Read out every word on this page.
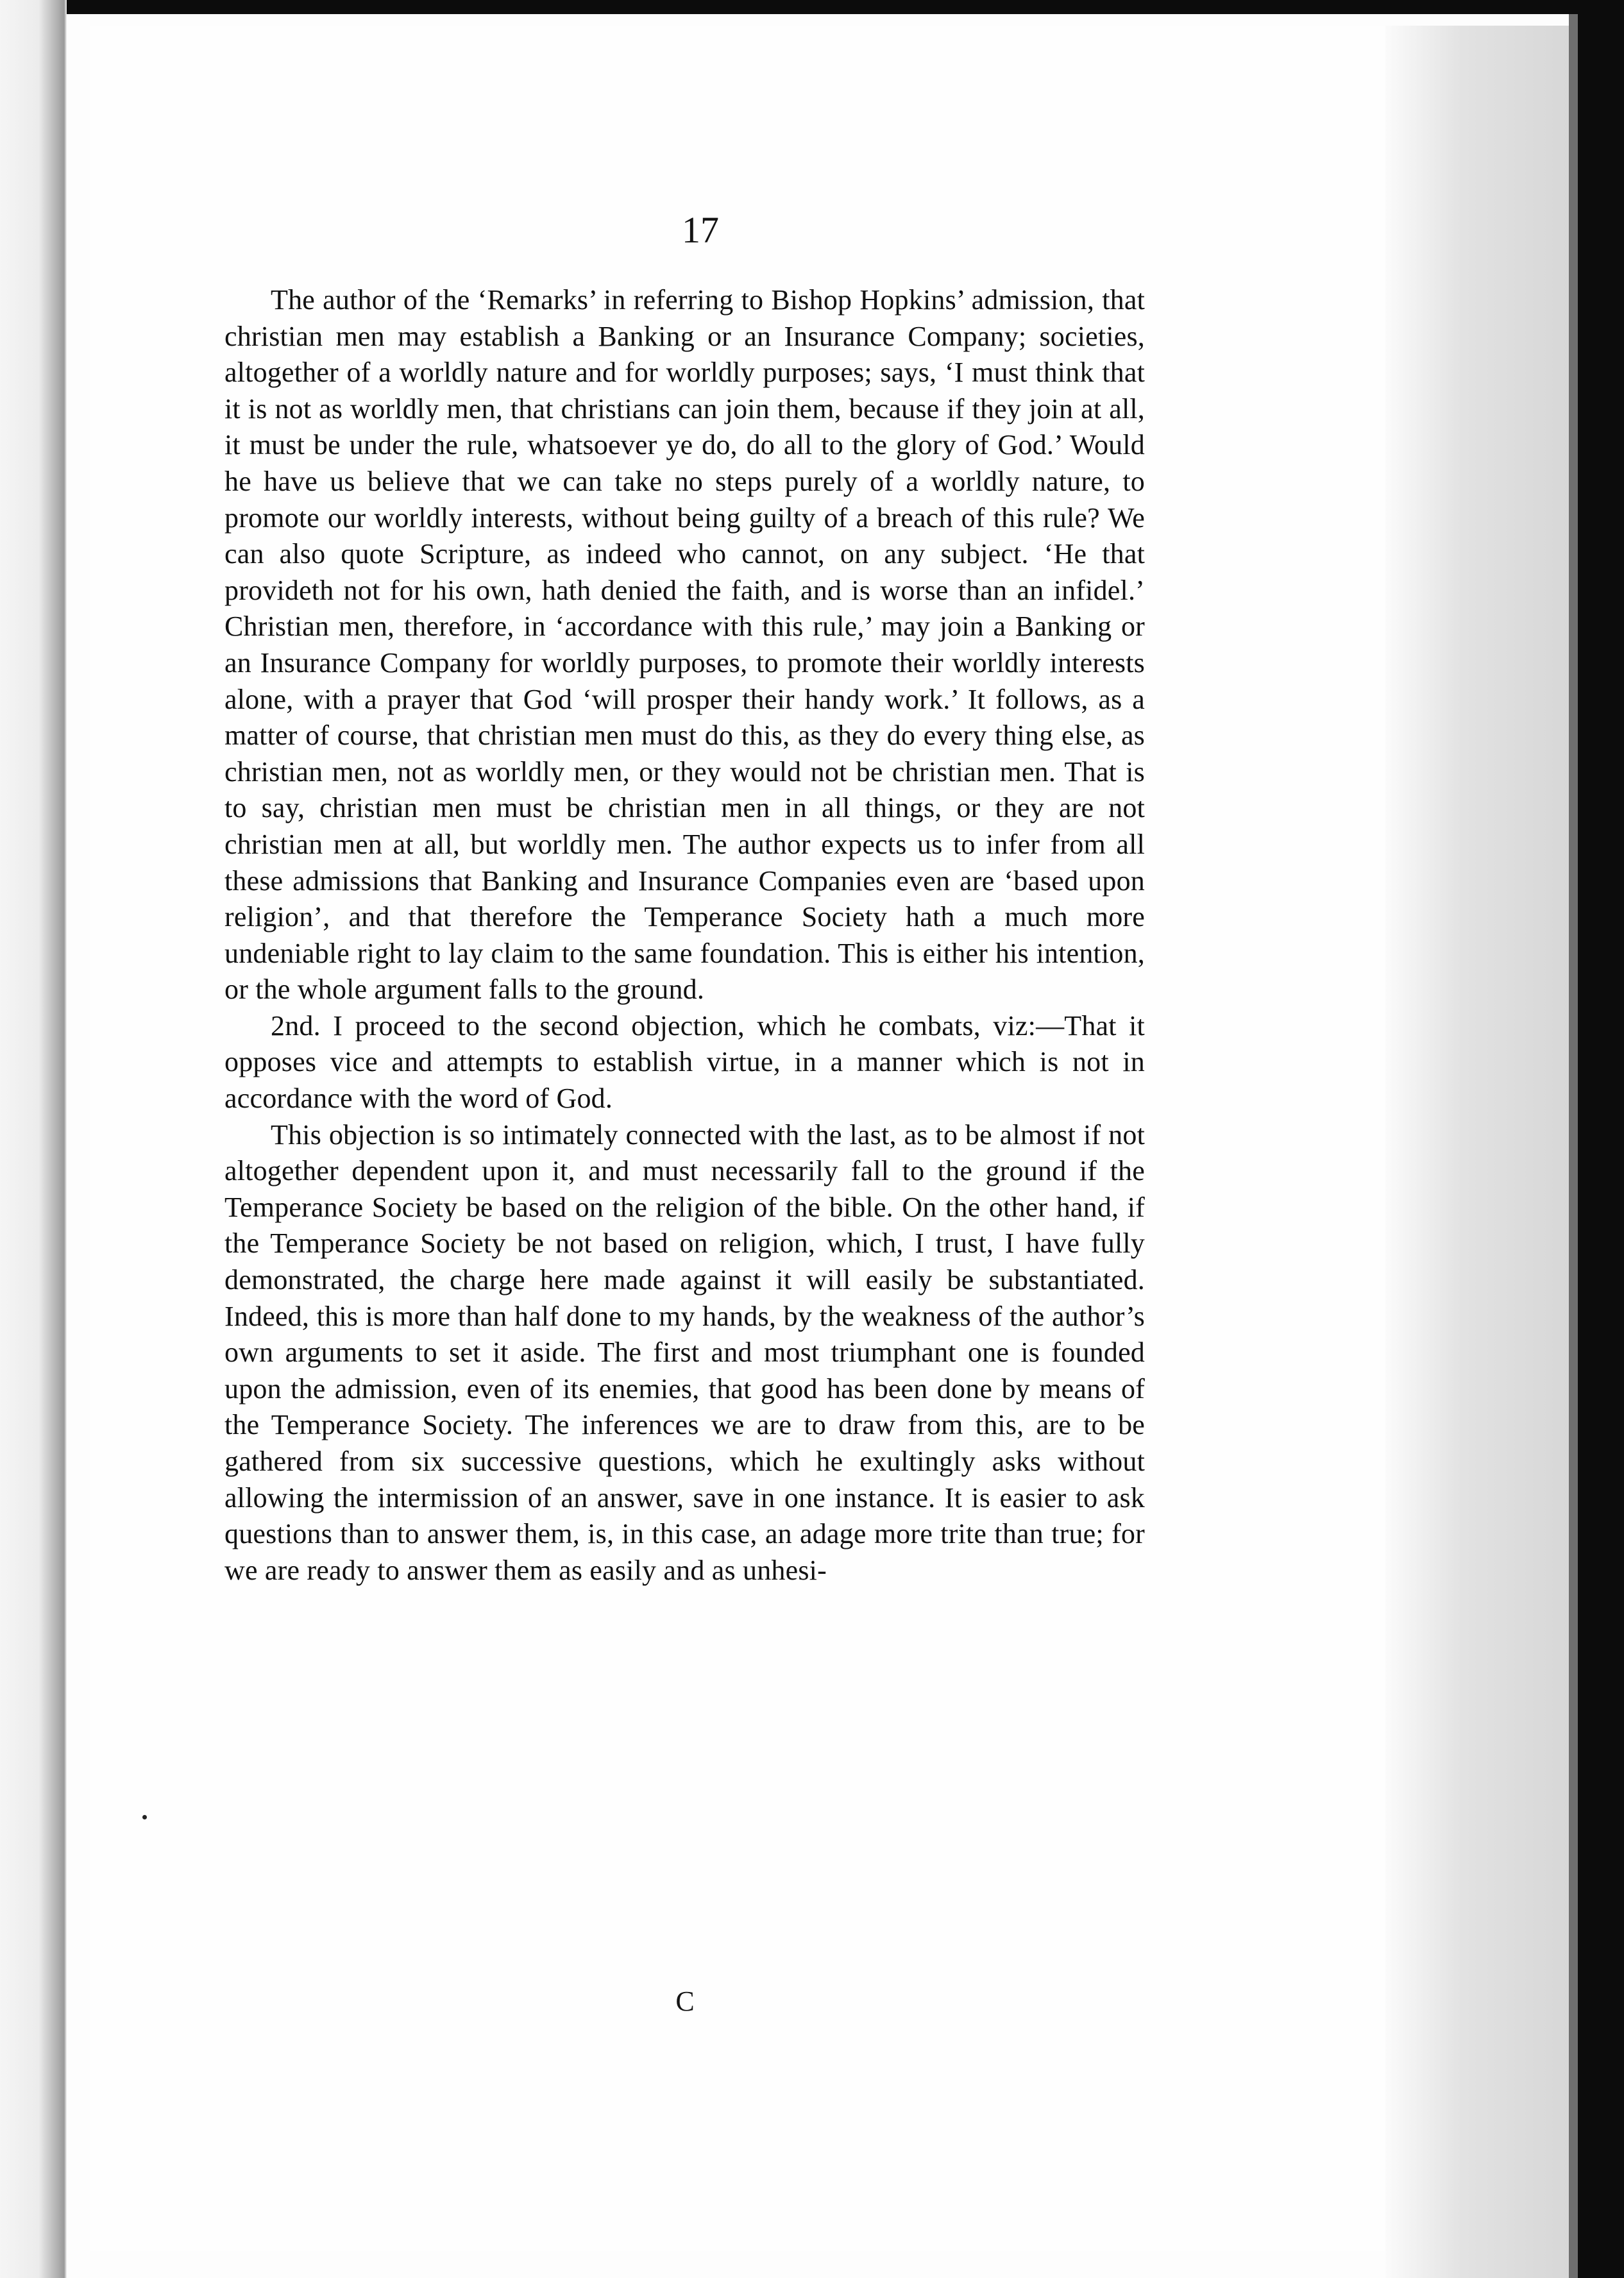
17

The author of the ‘Remarks’ in referring to Bishop Hopkins’ admission, that christian men may establish a Banking or an Insurance Company; societies, altogether of a worldly nature and for worldly purposes; says, ‘I must think that it is not as worldly men, that christians can join them, because if they join at all, it must be under the rule, whatsoever ye do, do all to the glory of God.’ Would he have us believe that we can take no steps purely of a worldly nature, to promote our worldly interests, without being guilty of a breach of this rule? We can also quote Scripture, as indeed who cannot, on any subject. ‘He that provideth not for his own, hath denied the faith, and is worse than an infidel.’ Christian men, therefore, in ‘accordance with this rule,’ may join a Banking or an Insurance Company for worldly purposes, to promote their worldly interests alone, with a prayer that God ‘will prosper their handy work.’ It follows, as a matter of course, that christian men must do this, as they do every thing else, as christian men, not as worldly men, or they would not be christian men. That is to say, christian men must be christian men in all things, or they are not christian men at all, but worldly men. The author expects us to infer from all these admissions that Banking and Insurance Companies even are ‘based upon religion’, and that therefore the Temperance Society hath a much more undeniable right to lay claim to the same foundation. This is either his intention, or the whole argument falls to the ground.

2nd. I proceed to the second objection, which he combats, viz:—That it opposes vice and attempts to establish virtue, in a manner which is not in accordance with the word of God.

This objection is so intimately connected with the last, as to be almost if not altogether dependent upon it, and must necessarily fall to the ground if the Temperance Society be based on the religion of the bible. On the other hand, if the Temperance Society be not based on religion, which, I trust, I have fully demonstrated, the charge here made against it will easily be substantiated. Indeed, this is more than half done to my hands, by the weakness of the author’s own arguments to set it aside. The first and most triumphant one is founded upon the admission, even of its enemies, that good has been done by means of the Temperance Society. The inferences we are to draw from this, are to be gathered from six successive questions, which he exultingly asks without allowing the intermission of an answer, save in one instance. It is easier to ask questions than to answer them, is, in this case, an adage more trite than true; for we are ready to answer them as easily and as unhesi-

C
